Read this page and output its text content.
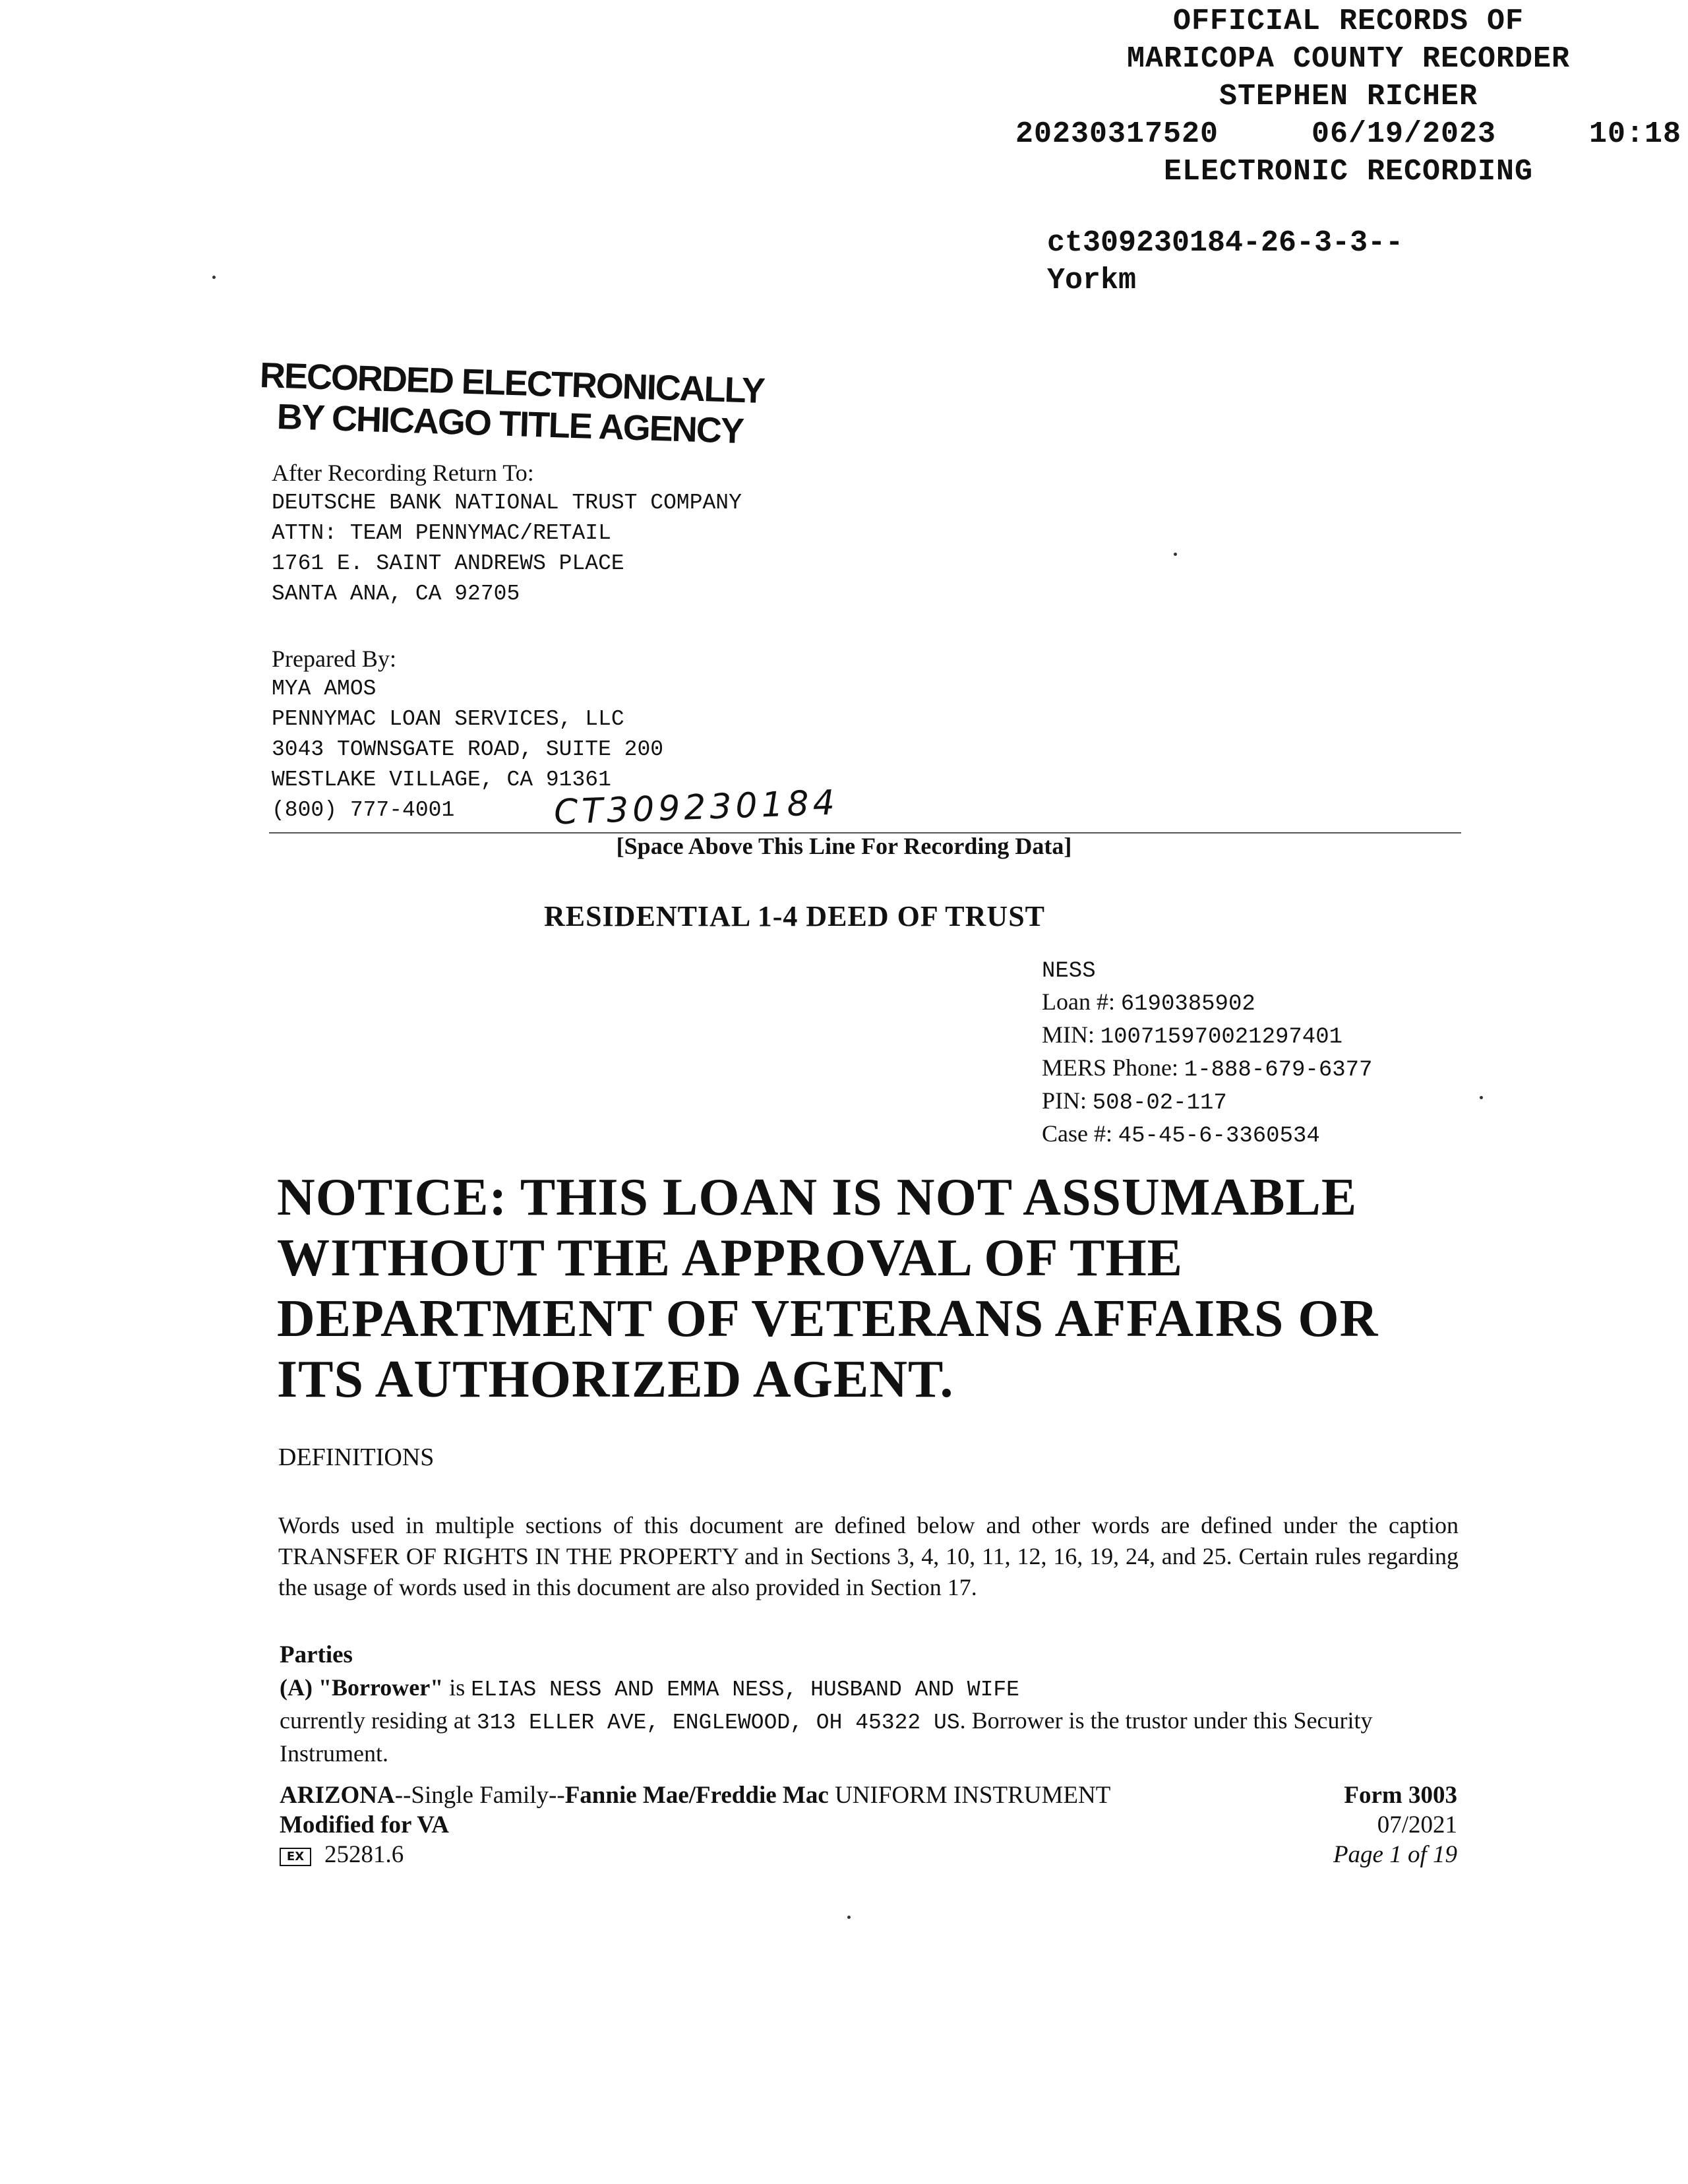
OFFICIAL RECORDS OF
MARICOPA COUNTY RECORDER
STEPHEN RICHER
20230317520	06/19/2023	10:18
ELECTRONIC RECORDING
ct309230184-26-3-3--
Yorkm
RECORDED ELECTRONICALLY
BY CHICAGO TITLE AGENCY
After Recording Return To:
DEUTSCHE BANK NATIONAL TRUST COMPANY
ATTN: TEAM PENNYMAC/RETAIL
1761 E. SAINT ANDREWS PLACE
SANTA ANA, CA 92705
Prepared By:
MYA AMOS
PENNYMAC LOAN SERVICES, LLC
3043 TOWNSGATE ROAD, SUITE 200
WESTLAKE VILLAGE, CA 91361
(800) 777-4001	CT309230184
[Space Above This Line For Recording Data]
RESIDENTIAL 1-4 DEED OF TRUST
NESS
Loan #: 6190385902
MIN: 100715970021297401
MERS Phone: 1-888-679-6377
PIN: 508-02-117
Case #: 45-45-6-3360534
NOTICE: THIS LOAN IS NOT ASSUMABLE
WITHOUT THE APPROVAL OF THE
DEPARTMENT OF VETERANS AFFAIRS OR
ITS AUTHORIZED AGENT.
DEFINITIONS
Words used in multiple sections of this document are defined below and other words are defined under the caption TRANSFER OF RIGHTS IN THE PROPERTY and in Sections 3, 4, 10, 11, 12, 16, 19, 24, and 25. Certain rules regarding the usage of words used in this document are also provided in Section 17.
Parties
(A) "Borrower" is ELIAS NESS AND EMMA NESS, HUSBAND AND WIFE
currently residing at 313 ELLER AVE, ENGLEWOOD, OH 45322 US. Borrower is the trustor under this Security Instrument.
ARIZONA--Single Family--Fannie Mae/Freddie Mac UNIFORM INSTRUMENT
Modified for VA
EX 25281.6
Form 3003
07/2021
Page 1 of 19
